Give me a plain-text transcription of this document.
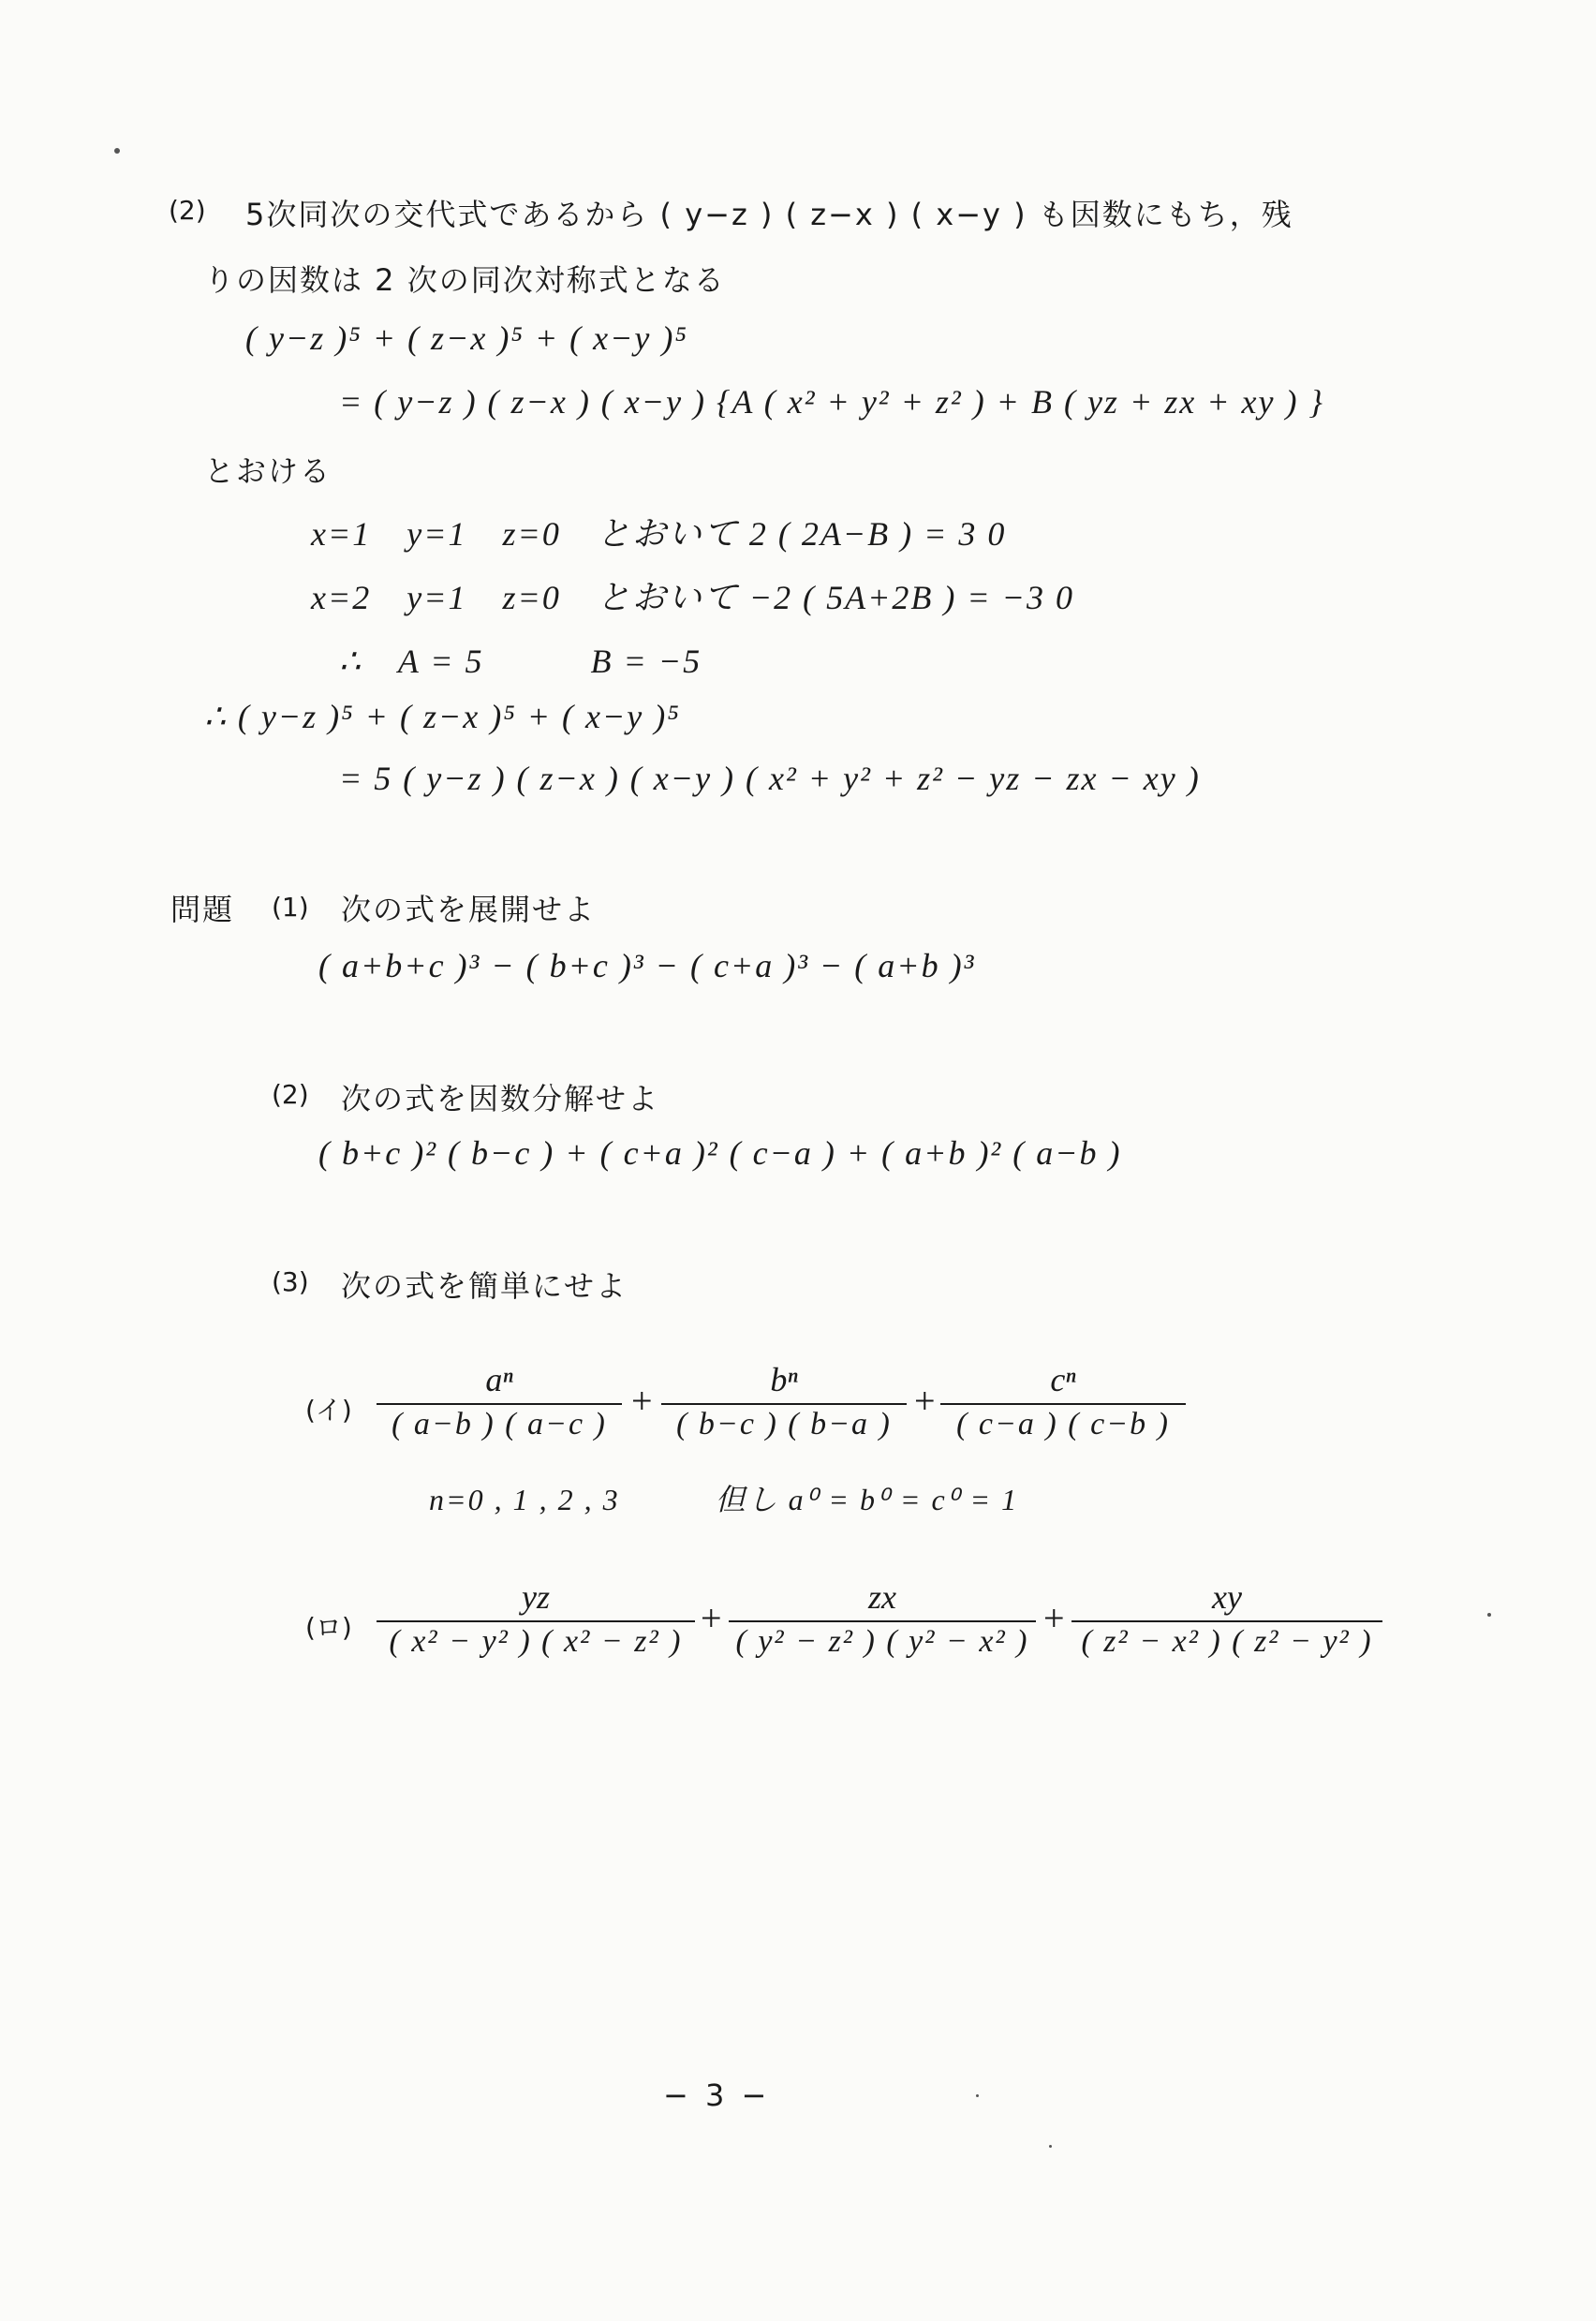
(2) 5次同次の交代式であるから ( y−z ) ( z−x ) ( x−y ) も因数にもち，残
りの因数は 2 次の同次対称式となる
( y−z )⁵ + ( z−x )⁵ + ( x−y )⁵
= ( y−z ) ( z−x ) ( x−y ) {A ( x² + y² + z² ) + B ( yz + zx + xy ) }
とおける
x=1　y=1　z=0　とおいて 2 ( 2A−B ) = 3 0
x=2　y=1　z=0　とおいて −2 ( 5A+2B ) = −3 0
∴　A = 5　　　B = −5
∴ ( y−z )⁵ + ( z−x )⁵ + ( x−y )⁵
= 5 ( y−z ) ( z−x ) ( x−y ) ( x² + y² + z² − yz − zx − xy )
問題 (1) 次の式を展開せよ
( a+b+c )³ − ( b+c )³ − ( c+a )³ − ( a+b )³
(2) 次の式を因数分解せよ
( b+c )² ( b−c ) + ( c+a )² ( c−a ) + ( a+b )² ( a−b )
(3) 次の式を簡単にせよ
(イ)
aⁿ
( a−b ) ( a−c )
+	bⁿ
( b−c ) ( b−a )
+	cⁿ
( c−a ) ( c−b )
n=0 , 1 , 2 , 3　　　但し a⁰ = b⁰ = c⁰ = 1
(ロ)
yz
( x² − y² ) ( x² − z² )
+	zx
( y² − z² ) ( y² − x² )
+	xy
( z² − x² ) ( z² − y² )
− 3 −
